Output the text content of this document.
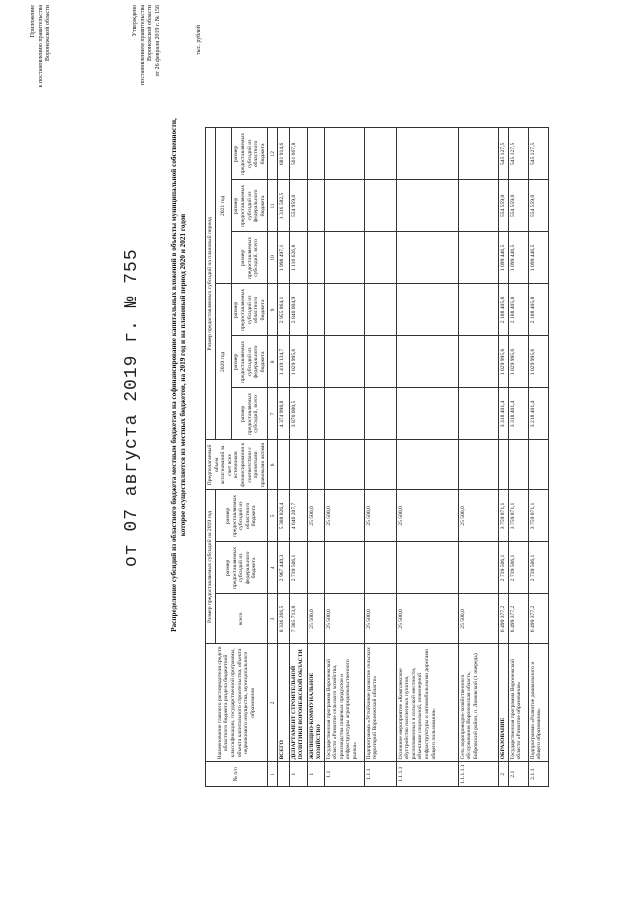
Приложение к постановлению правительства Воронежской области	Утверждено постановлением правительства Воронежской области от 26 февраля 2019 г. № 156
от 07 августа 2019 г. № 755	Распределение субсидий из областного бюджета местным бюджетам на софинансирование капитальных вложений в объекты муниципальной собственности, которое осуществляется из местных бюджетов, на 2019 год и на плановый период 2020 и 2021 годов
тыс. рублей
№ п/п	Наименование главного распорядителя средств областного бюджета раздела бюджетной классификации, государственной программы, объекта капитального строительства, объекта недвижимого имущества, муниципального образования	Размер предоставляемых субсидий на 2019 год			Предполагаемый объем ассигнований за счет всех источников финансирования в соответствии с принятыми правовыми актами	Размер предоставляемых субсидий на плановый период					
		всего	размер предоставляемых субсидий из федерального бюджета	размер предоставляемых субсидий из областного бюджета		2020 год			2021 год		
						размер предоставляемых субсидий, всего	размер предоставляемых субсидий из федерального бюджета	размер предоставляемых субсидий из областного бюджета	размер предоставляемых субсидий, всего	размер предоставляемых субсидий из федерального бюджета	размер предоставляемых субсидий из областного бюджета
1	2	3	4	5	6	7	8	9	10	11	12
	ВСЕГО	8 336 266,5	2 967 440,3	5 388 826,4		4 374 998,8	1 419 134,7	2 955 864,1	1 998 497,1	1 316 582,5	681 914,6
1	ДЕПАРТАМЕНТ СТРОИТЕЛЬНОЙ ПОЛИТИКИ ВОРОНЕЖСКОЙ ОБЛАСТИ	7 385 713,8	2 739 506,1	4 646 207,7		3 870 000,5	1 029 995,6	2 840 004,9	1 116 626,8	554 959,0	561 667,8
1	ЖИЛИЩНО-КОММУНАЛЬНОЕ ХОЗЯЙСТВО	25 500,0		25 500,0							
1.1	Государственная программа Воронежской области «Развитие сельского хозяйства, производства пищевых продуктов и инфраструктуры агропродовольственного рынка»	25 500,0		25 500,0							
1.1.1	Подпрограмма «Устойчивое развитие сельских территорий Воронежской области»	25 500,0		25 500,0							
1.1.1.1	Основное мероприятие «Комплексное обустройство населенных пунктов, расположенных в сельской местности, объектами социальной, инженерной инфраструктуры и автомобильными дорогами общего пользования»	25 500,0		25 500,0							
1.1.1.1.1	Сеть водопроводно-хозяйственного обслуживания Воронежская область, Бобровский район, п. Ломовской (1 очередь)	25 500,0		25 500,0							
2	ОБРАЗОВАНИЕ	6 499 377,2	2 739 506,1	3 759 871,1		3 318 401,4	1 029 995,6	2 188 405,8	1 099 446,5	554 559,0	545 127,5
2.1	Государственная программа Воронежской области «Развитие образования»	6 499 377,2	2 739 506,1	3 759 871,1		3 318 401,4	1 029 995,6	2 188 405,8	1 099 446,5	554 559,0	545 127,5
2.1.1	Подпрограмма «Развитие дошкольного и общего образования»	6 499 377,2	2 739 506,1	3 759 871,1		3 218 401,4	1 029 995,6	2 188 405,8	1 099 446,5	554 559,0	545 127,5
